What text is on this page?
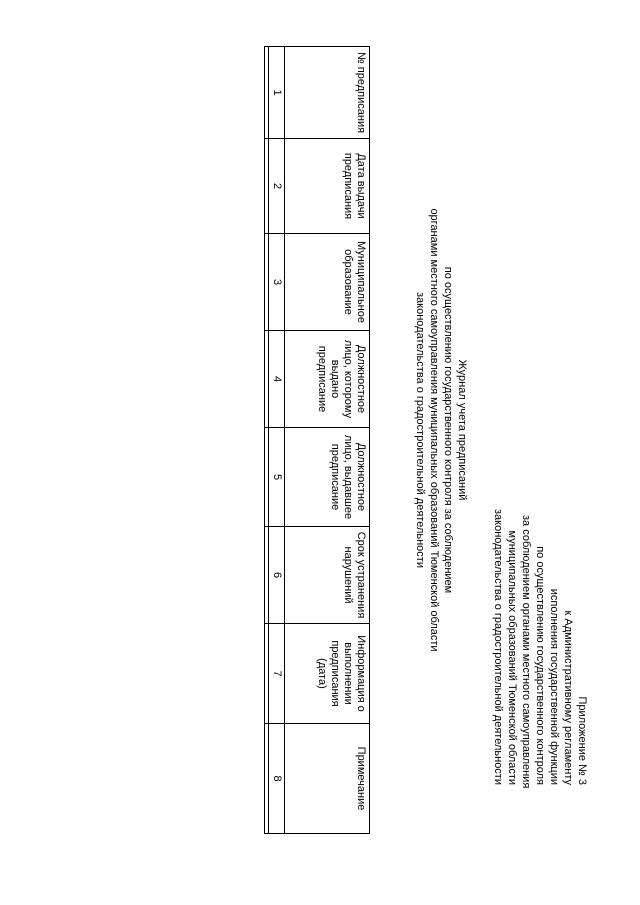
Приложение № 3
к Административному регламенту
исполнения государственной функции
по осуществлению государственного контроля
за соблюдением органами местного самоуправления
муниципальных образований Тюменской области
законодательства о градостроительной деятельности
Журнал учета предписаний
по осуществлению государственного контроля за соблюдением
органами местного самоуправления муниципальных образований Тюменской области
законодательства о градостроительной деятельности
№ предписания	Дата выдачи предписания	Муниципальное образование	Должностное лицо, которому выдано предписание	Должностное лицо, выдавшее предписание	Срок устранения нарушений	Информация о выполнении предписания (дата)	Примечание
1	2	3	4	5	6	7	8
